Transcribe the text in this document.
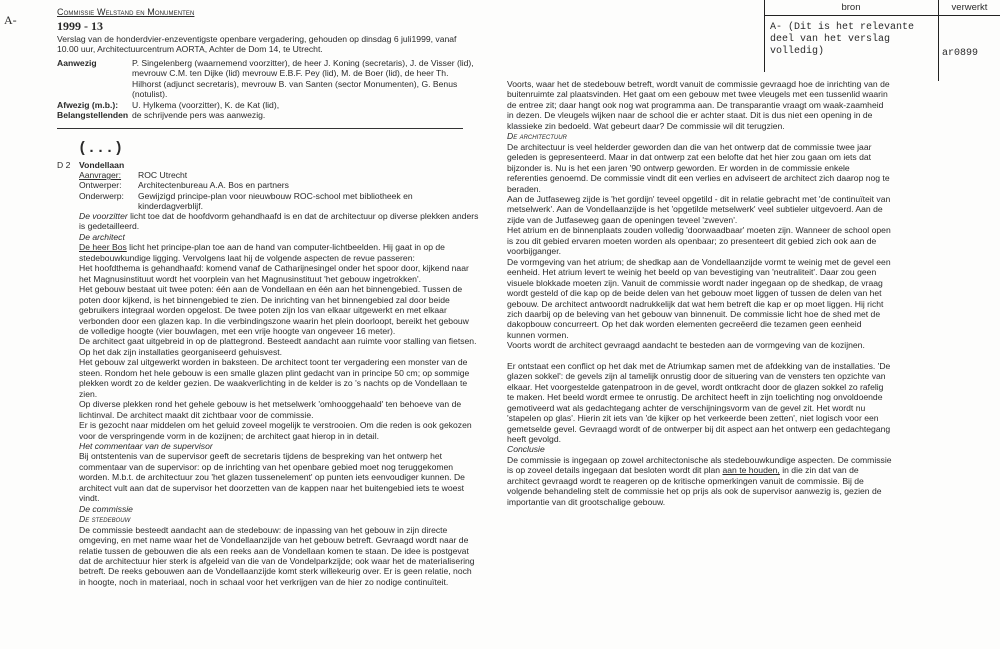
A-
Commissie Welstand en Monumenten
1999 - 13
Verslag van de honderdvier-enzeventigste openbare vergadering, gehouden op dinsdag 6 juli1999, vanaf 10.00 uur, Architectuurcentrum AORTA, Achter de Dom 14, te Utrecht.
Aanwezig	P. Singelenberg (waarnemend voorzitter), de heer J. Koning (secretaris), J. de Visser (lid), mevrouw C.M. ten Dijke (lid) mevrouw E.B.F. Pey (lid), M. de Boer (lid), de heer Th. Hilhorst (adjunct secretaris), mevrouw B. van Santen (sector Monumenten), G. Benus (notulist).
Afwezig (m.b.):	U. Hylkema (voorzitter), K. de Kat (lid),
Belangstellenden de schrijvende pers was aanwezig.
(...)
bron	verwerkt
A- (Dit is het relevante deel van het verslag volledig)	ar0899
D 2 Vondellaan
Aanvrager:	ROC Utrecht
Ontwerper:	Architectenbureau A.A. Bos en partners
Onderwerp:	Gewijzigd principe-plan voor nieuwbouw ROC-school met bibliotheek en kinderdagverblijf.

De voorzitter licht toe dat de hoofdvorm gehandhaafd is en dat de architectuur op diverse plekken anders is gedetailleerd.

De architect

De heer Bos licht het principe-plan toe aan de hand van computer-lichtbeelden. Hij gaat in op de stedebouwkundige ligging. Vervolgens laat hij de volgende aspecten de revue passeren:

Het hoofdthema is gehandhaafd: komend vanaf de Catharijnesingel onder het spoor door, kijkend naar het Magnusinstituut wordt het voorplein van het Magnusinstituut 'het gebouw ingetrokken'.

Het gebouw bestaat uit twee poten: één aan de Vondellaan en één aan het binnengebied. Tussen de poten door kijkend, is het binnengebied te zien. De inrichting van het binnengebied zal door beide gebruikers integraal worden opgelost. De twee poten zijn los van elkaar uitgewerkt en met elkaar verbonden door een glazen kap. In die verbindingszone waarin het plein doorloopt, bereikt het gebouw de volledige hoogte (vier bouwlagen, met een vrije hoogte van ongeveer 16 meter).

De architect gaat uitgebreid in op de plattegrond. Besteedt aandacht aan ruimte voor stalling van fietsen. Op het dak zijn installaties georganiseerd gehuisvest.

Het gebouw zal uitgewerkt worden in baksteen. De architect toont ter vergadering een monster van de steen. Rondom het hele gebouw is een smalle glazen plint gedacht van in principe 50 cm; op sommige plekken wordt zo de kelder gezien. De waakverlichting in de kelder is zo 's nachts op de Vondellaan te zien.

Op diverse plekken rond het gehele gebouw is het metselwerk 'omhooggehaald' ten behoeve van de lichtinval. De architect maakt dit zichtbaar voor de commissie.

Er is gezocht naar middelen om het geluid zoveel mogelijk te verstrooien. Om die reden is ook gekozen voor de verspringende vorm in de kozijnen; de architect gaat hierop in in detail.

Het commentaar van de supervisor

Bij ontstentenis van de supervisor geeft de secretaris tijdens de bespreking van het ontwerp het commentaar van de supervisor: op de inrichting van het openbare gebied moet nog teruggekomen worden. M.b.t. de architectuur zou 'het glazen tussenelement' op punten iets eenvoudiger kunnen. De architect vult aan dat de supervisor het doorzetten van de kappen naar het buitengebied iets te woest vindt.

De commissie

De stedebouw

De commissie besteedt aandacht aan de stedebouw: de inpassing van het gebouw in zijn directe omgeving, en met name waar het de Vondellaanzijde van het gebouw betreft. Gevraagd wordt naar de relatie tussen de gebouwen die als een reeks aan de Vondellaan komen te staan. De idee is postgevat dat de architectuur hier sterk is afgeleid van die van de Vondelparkzijde; ook waar het de materialisering betreft. De reeks gebouwen aan de Vondellaanzijde komt sterk willekeurig over. Er is geen relatie, noch in hoogte, noch in materiaal, noch in schaal voor het verkrijgen van de hier zo nodige continuïteit.

Voorts, waar het de stedebouw betreft, wordt vanuit de commissie gevraagd hoe de inrichting van de buitenruimte zal plaatsvinden. Het gaat om een gebouw met twee vleugels met een tussenlid waarin de entree zit; daar hangt ook nog wat programma aan. De transparantie vraagt om waak-zaamheid in dezen. De vleugels wijken naar de school die er achter staat. Dit is dus niet een opening in de klassieke zin bedoeld. Wat gebeurt daar? De commissie wil dit terugzien.

De architectuur

De architectuur is veel helderder geworden dan die van het ontwerp dat de commissie twee jaar geleden is gepresenteerd. Maar in dat ontwerp zat een belofte dat het hier zou gaan om iets dat bijzonder is. Nu is het een jaren '90 ontwerp geworden. Er worden in de commissie enkele referenties genoemd. De commissie vindt dit een verlies en adviseert de architect zich daarop nog te beraden.

Aan de Jutfaseweg zijde is 'het gordijn' teveel opgetild - dit in relatie gebracht met 'de continuïteit van metselwerk'. Aan de Vondellaanzijde is het 'opgetilde metselwerk' veel subtieler uitgevoerd. Aan de zijde van de Jutfaseweg gaan de openingen teveel 'zweven'.

Het atrium en de binnenplaats zouden volledig 'doorwaadbaar' moeten zijn. Wanneer de school open is zou dit gebied ervaren moeten worden als openbaar; zo presenteert dit gebied zich ook aan de voorbijganger.

De vormgeving van het atrium; de shedkap aan de Vondellaanzijde vormt te weinig met de gevel een eenheid. Het atrium levert te weinig het beeld op van bevestiging van 'neutraliteit'. Daar zou geen visuele blokkade moeten zijn. Vanuit de commissie wordt nader ingegaan op de shedkap, de vraag wordt gesteld of die kap op de beide delen van het gebouw moet liggen of tussen de delen van het gebouw. De architect antwoordt nadrukkelijk dat wat hem betreft die kap er op moet liggen. Hij richt zich daarbij op de beleving van het gebouw van binnenuit. De commissie licht hoe de shed met de dakopbouw concurreert. Op het dak worden elementen gecreëerd die tezamen geen eenheid kunnen vormen.

Voorts wordt de architect gevraagd aandacht te besteden aan de vormgeving van de kozijnen.

Er ontstaat een conflict op het dak met de Atriumkap samen met de afdekking van de installaties. 'De glazen sokkel': de gevels zijn al tamelijk onrustig door de situering van de vensters ten opzichte van elkaar. Het voorgestelde gatenpatroon in de gevel, wordt ontkracht door de glazen sokkel zo rafelig te maken. Het beeld wordt ermee te onrustig. De architect heeft in zijn toelichting nog onvoldoende gemotiveerd wat als gedachtegang achter de verschijningsvorm van de gevel zit. Het wordt nu 'stapelen op glas'. Hierin zit iets van 'de kijker op het verkeerde been zetten', niet logisch voor een gemetselde gevel. Gevraagd wordt of de ontwerper bij dit aspect aan het ontwerp een gedachtegang heeft gevolgd.

Conclusie

De commissie is ingegaan op zowel architectonische als stedebouwkundige aspecten. De commissie is op zoveel details ingegaan dat besloten wordt dit plan aan te houden, in die zin dat van de architect gevraagd wordt te reageren op de kritische opmerkingen vanuit de commissie. Bij de volgende behandeling stelt de commissie het op prijs als ook de supervisor aanwezig is, gezien de importantie van dit grootschalige gebouw.
